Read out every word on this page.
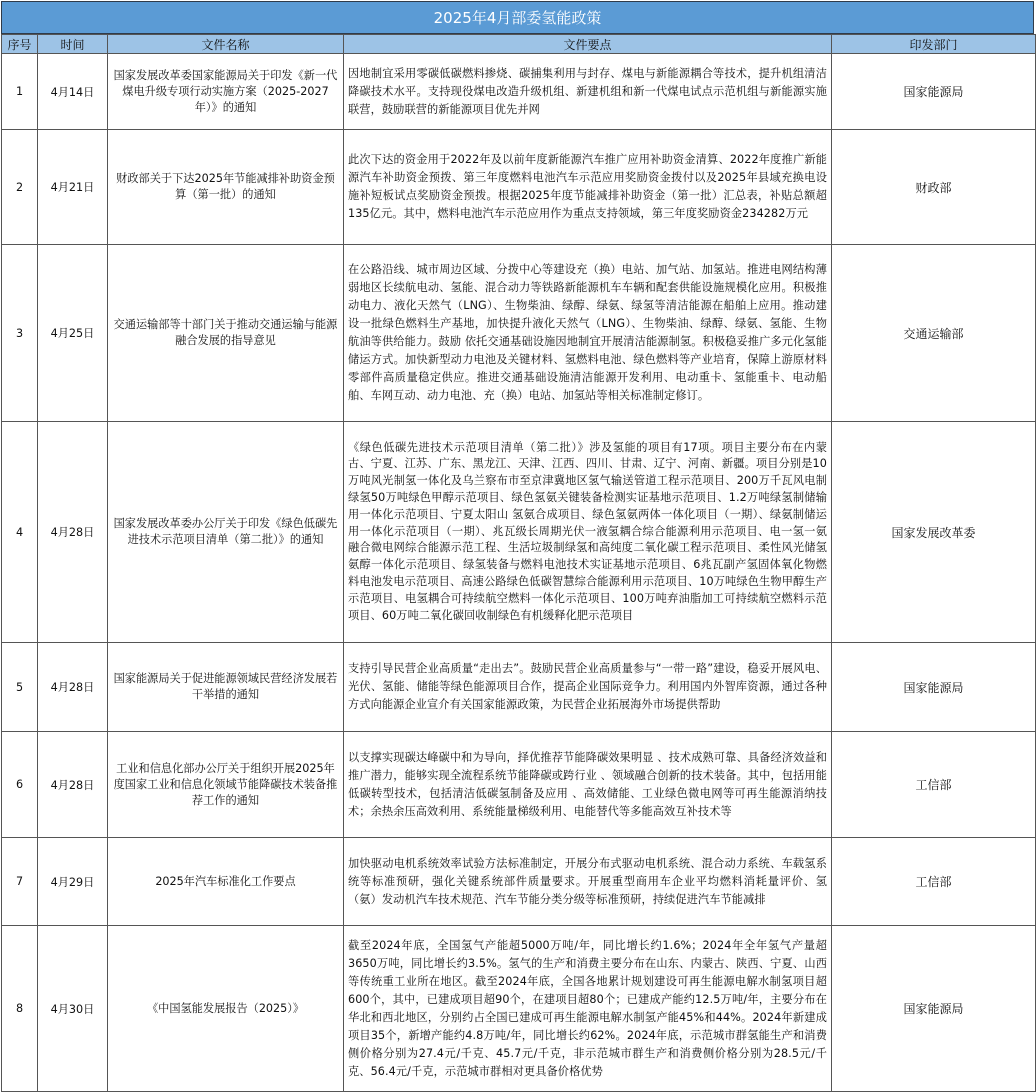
2025年4月部委氢能政策
序号	时间	文件名称	文件要点	印发部门
1	4月14日	国家发展改革委国家能源局关于印发《新一代煤电升级专项行动实施方案（2025-2027年）》的通知	因地制宜采用零碳低碳燃料掺烧、碳捕集利用与封存、煤电与新能源耦合等技术，提升机组清洁降碳技术水平。支持现役煤电改造升级机组、新建机组和新一代煤电试点示范机组与新能源实施联营，鼓励联营的新能源项目优先并网	国家能源局
2	4月21日	财政部关于下达2025年节能减排补助资金预算（第一批）的通知	此次下达的资金用于2022年及以前年度新能源汽车推广应用补助资金清算、2022年度推广新能源汽车补助资金预拨、第三年度燃料电池汽车示范应用奖励资金拨付以及2025年县域充换电设施补短板试点奖励资金预拨。根据2025年度节能减排补助资金（第一批）汇总表，补贴总额超135亿元。其中，燃料电池汽车示范应用作为重点支持领域，第三年度奖励资金234282万元	财政部
3	4月25日	交通运输部等十部门关于推动交通运输与能源融合发展的指导意见	在公路沿线、城市周边区域、分拨中心等建设充（换）电站、加气站、加氢站。推进电网结构薄弱地区长续航电动、氢能、混合动力等铁路新能源机车车辆和配套供能设施规模化应用。积极推动电力、液化天然气（LNG）、生物柴油、绿醇、绿氨、绿氢等清洁能源在船舶上应用。推动建设一批绿色燃料生产基地，加快提升液化天然气（LNG）、生物柴油、绿醇、绿氨、氢能、生物航油等供给能力。鼓励 依托交通基础设施因地制宜开展清洁能源制氢。积极稳妥推广多元化氢能储运方式。加快新型动力电池及关键材料、氢燃料电池、绿色燃料等产业培育，保障上游原材料零部件高质量稳定供应。推进交通基础设施清洁能源开发利用、电动重卡、氢能重卡、电动船舶、车网互动、动力电池、充（换）电站、加氢站等相关标准制定修订。	交通运输部
4	4月28日	国家发展改革委办公厅关于印发《绿色低碳先进技术示范项目清单（第二批）》的通知	《绿色低碳先进技术示范项目清单（第二批）》涉及氢能的项目有17项。项目主要分布在内蒙古、宁夏、江苏、广东、黑龙江、天津、江西、四川、甘肃、辽宁、河南、新疆。项目分别是10万吨风光制氢一体化及乌兰察布市至京津冀地区氢气输送管道工程示范项目、200万千瓦风电制绿氢50万吨绿色甲醇示范项目、绿色氢氨关键装备检测实证基地示范项目、1.2万吨绿氢制储输用一体化示范项目、宁夏太阳山 氢氨合成项目、绿色氢氨两体一体化项目（一期）、绿氨制储运用一体化示范项目（一期）、兆瓦级长周期光伏一液氢耦合综合能源利用示范项目、电一氢一氨融合微电网综合能源示范工程、生活垃圾制绿氢和高纯度二氧化碳工程示范项目、柔性风光储氢氨醇一体化示范项目、绿氢装备与燃料电池技术实证基地示范项目、6兆瓦副产氢固体氧化物燃料电池发电示范项目、高速公路绿色低碳智慧综合能源利用示范项目、10万吨绿色生物甲醇生产示范项目、电氢耦合可持续航空燃料一体化示范项目、100万吨弃油脂加工可持续航空燃料示范项目、60万吨二氧化碳回收制绿色有机缓释化肥示范项目	国家发展改革委
5	4月28日	国家能源局关于促进能源领域民营经济发展若干举措的通知	支持引导民营企业高质量“走出去”。鼓励民营企业高质量参与“一带一路”建设，稳妥开展风电、光伏、氢能、储能等绿色能源项目合作，提高企业国际竞争力。利用国内外智库资源，通过各种方式向能源企业宣介有关国家能源政策，为民营企业拓展海外市场提供帮助	国家能源局
6	4月28日	工业和信息化部办公厅关于组织开展2025年度国家工业和信息化领域节能降碳技术装备推荐工作的通知	以支撑实现碳达峰碳中和为导向，择优推荐节能降碳效果明显 、技术成熟可靠、具备经济效益和推广潜力，能够实现全流程系统节能降碳或跨行业 、领域融合创新的技术装备。其中，包括用能低碳转型技术，包括清洁低碳氢制备及应用 、高效储能、工业绿色微电网等可再生能源消纳技术；余热余压高效利用、系统能量梯级利用、电能替代等多能高效互补技术等	工信部
7	4月29日	2025年汽车标准化工作要点	加快驱动电机系统效率试验方法标准制定，开展分布式驱动电机系统、混合动力系统、车载氢系统等标准预研，强化关键系统部件质量要求。开展重型商用车企业平均燃料消耗量评价、氢（氨）发动机汽车技术规范、汽车节能分类分级等标准预研，持续促进汽车节能减排	工信部
8	4月30日	《中国氢能发展报告（2025）》	截至2024年底，全国氢气产能超5000万吨/年，同比增长约1.6%；2024年全年氢气产量超3650万吨，同比增长约3.5%。氢气的生产和消费主要分布在山东、内蒙古、陕西、宁夏、山西等传统重工业所在地区。截至2024年底，全国各地累计规划建设可再生能源电解水制氢项目超600个，其中，已建成项目超90个，在建项目超80个；已建成产能约12.5万吨/年，主要分布在华北和西北地区，分别约占全国已建成可再生能源电解水制氢产能45%和44%。2024年新建成项目35个，新增产能约4.8万吨/年，同比增长约62%。2024年底，示范城市群氢能生产和消费侧价格分别为27.4元/千克、45.7元/千克，非示范城市群生产和消费侧价格分别为28.5元/千克、56.4元/千克，示范城市群相对更具备价格优势	国家能源局
